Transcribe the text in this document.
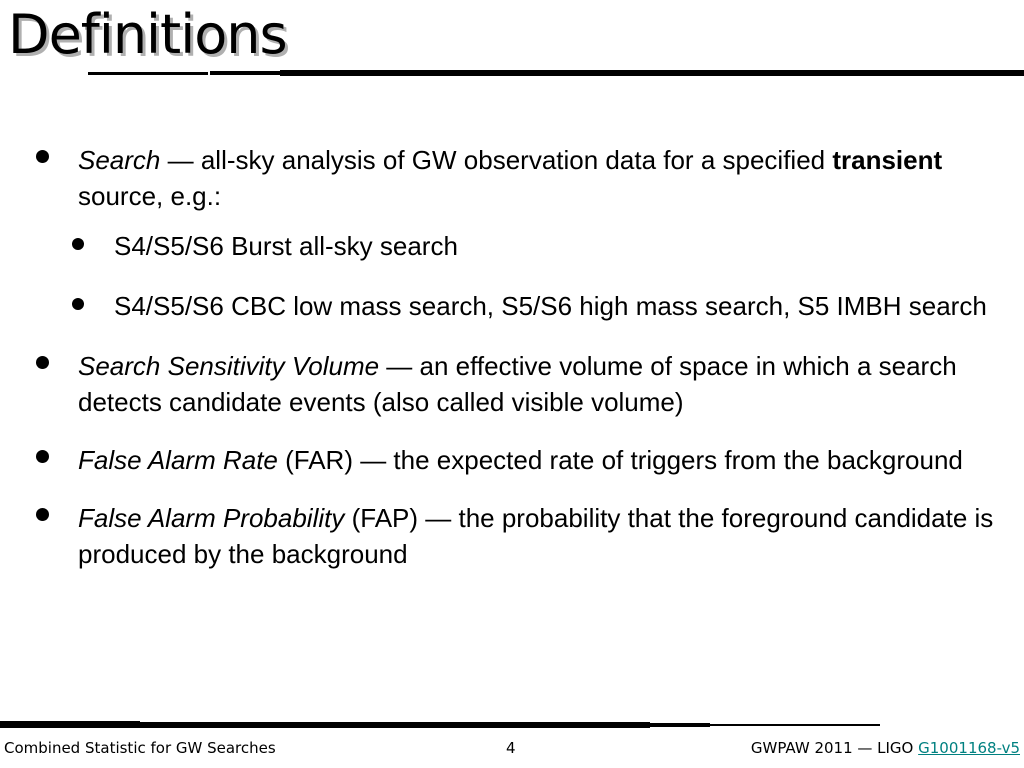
Definitions
Search — all-sky analysis of GW observation data for a specified transient source, e.g.:
S4/S5/S6 Burst all-sky search
S4/S5/S6 CBC low mass search, S5/S6 high mass search, S5 IMBH search
Search Sensitivity Volume — an effective volume of space in which a search detects candidate events (also called visible volume)
False Alarm Rate (FAR) — the expected rate of triggers from the background
False Alarm Probability (FAP) — the probability that the foreground candidate is produced by the background
Combined Statistic for GW Searches	4	GWPAW 2011 — LIGO G1001168-v5
